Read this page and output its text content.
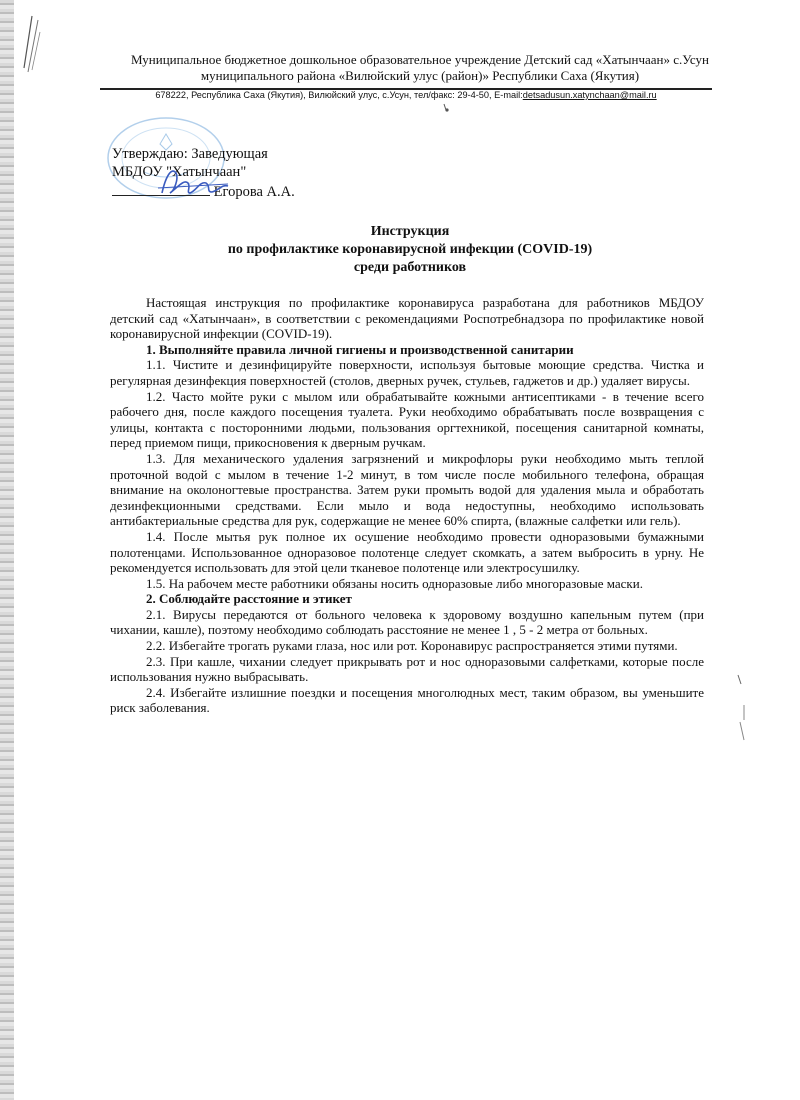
Муниципальное бюджетное дошкольное образовательное учреждение Детский сад «Хатынчаан» с.Усун
муниципального района «Вилюйский улус (район)» Республики Саха (Якутия)
678222, Республика Саха (Якутия), Вилюйский улус, с.Усун, тел/факс: 29-4-50, E-mail:detsadusun.xatynchaan@mail.ru
Утверждаю: Заведующая
МБДОУ "Хатынчаан"
Егорова А.А.
Инструкция
по профилактике коронавирусной инфекции (COVID-19)
среди работников

Настоящая инструкция по профилактике коронавируса разработана для работников МБДОУ детский сад «Хатынчаан», в соответствии с рекомендациями Роспотребнадзора по профилактике новой коронавирусной инфекции (COVID-19).

1. Выполняйте правила личной гигиены и производственной санитарии

1.1. Чистите и дезинфицируйте поверхности, используя бытовые моющие средства. Чистка и регулярная дезинфекция поверхностей (столов, дверных ручек, стульев, гаджетов и др.) удаляет вирусы.

1.2. Часто мойте руки с мылом или обрабатывайте кожными антисептиками - в течение всего рабочего дня, после каждого посещения туалета. Руки необходимо обрабатывать после возвращения с улицы, контакта с посторонними людьми, пользования оргтехникой, посещения санитарной комнаты, перед приемом пищи, прикосновения к дверным ручкам.

1.3. Для механического удаления загрязнений и микрофлоры руки необходимо мыть теплой проточной водой с мылом в течение 1-2 минут, в том числе после мобильного телефона, обращая внимание на околоногтевые пространства. Затем руки промыть водой для удаления мыла и обработать дезинфекционными средствами. Если мыло и вода недоступны, необходимо использовать антибактериальные средства для рук, содержащие не менее 60% спирта, (влажные салфетки или гель).

1.4. После мытья рук полное их осушение необходимо провести одноразовыми бумажными полотенцами. Использованное одноразовое полотенце следует скомкать, а затем выбросить в урну. Не рекомендуется использовать для этой цели тканевое полотенце или электросушилку.

1.5. На рабочем месте работники обязаны носить одноразовые либо многоразовые маски.

2. Соблюдайте расстояние и этикет

2.1. Вирусы передаются от больного человека к здоровому воздушно капельным путем (при чихании, кашле), поэтому необходимо соблюдать расстояние не менее 1 , 5 - 2 метра от больных.

2.2. Избегайте трогать руками глаза, нос или рот. Коронавирус распространяется этими путями.

2.3. При кашле, чихании следует прикрывать рот и нос одноразовыми салфетками, которые после использования нужно выбрасывать.

2.4. Избегайте излишние поездки и посещения многолюдных мест, таким образом, вы уменьшите риск заболевания.
